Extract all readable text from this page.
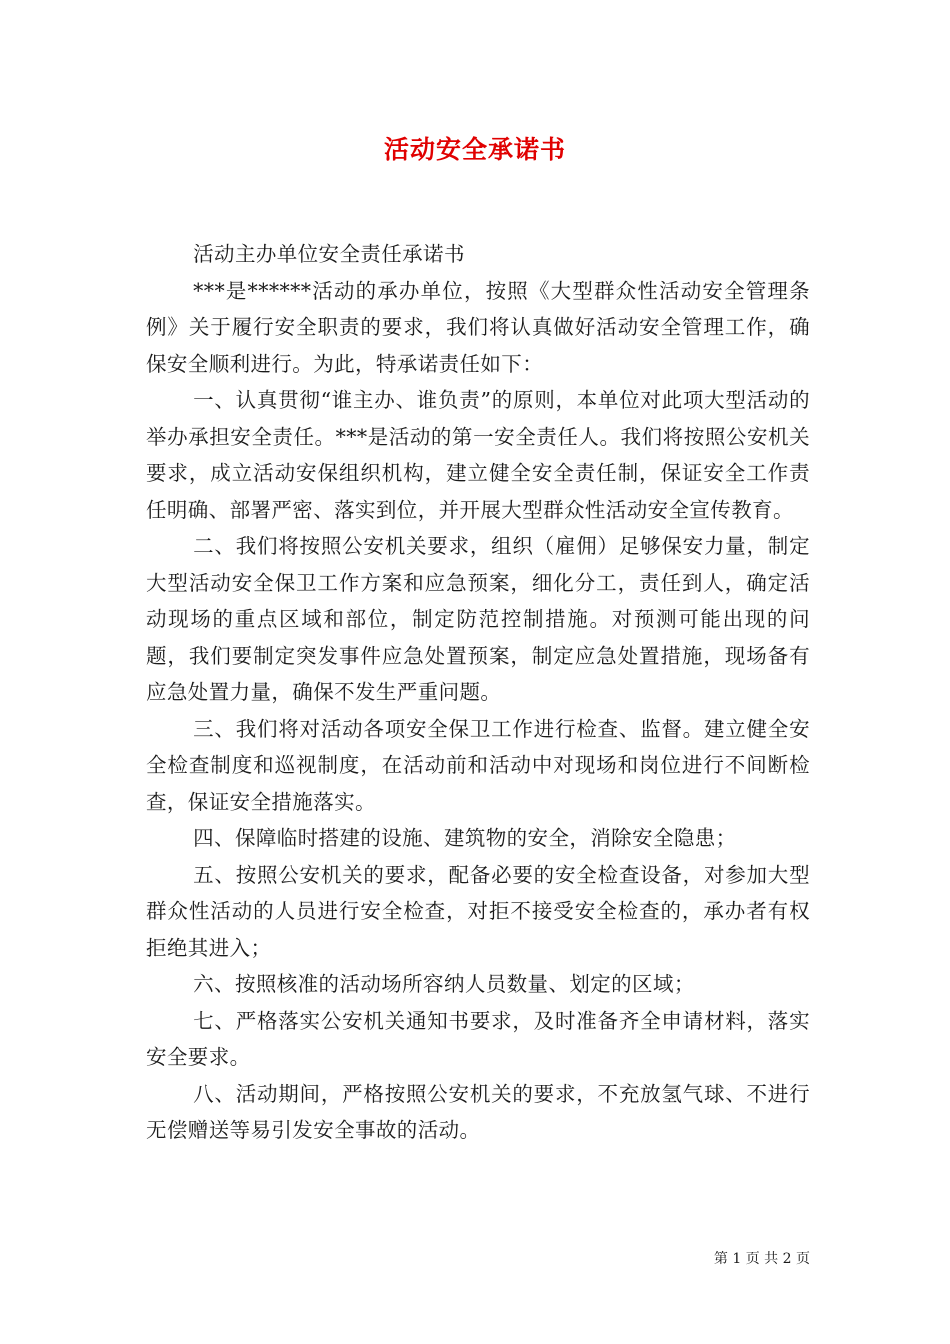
活动安全承诺书

活动主办单位安全责任承诺书

***是******活动的承办单位，按照《大型群众性活动安全管理条例》关于履行安全职责的要求，我们将认真做好活动安全管理工作，确保安全顺利进行。为此，特承诺责任如下：

一、认真贯彻“谁主办、谁负责”的原则，本单位对此项大型活动的举办承担安全责任。***是活动的第一安全责任人。我们将按照公安机关要求，成立活动安保组织机构，建立健全安全责任制，保证安全工作责任明确、部署严密、落实到位，并开展大型群众性活动安全宣传教育。

二、我们将按照公安机关要求，组织（雇佣）足够保安力量，制定大型活动安全保卫工作方案和应急预案，细化分工，责任到人，确定活动现场的重点区域和部位，制定防范控制措施。对预测可能出现的问题，我们要制定突发事件应急处置预案，制定应急处置措施，现场备有应急处置力量，确保不发生严重问题。

三、我们将对活动各项安全保卫工作进行检查、监督。建立健全安全检查制度和巡视制度，在活动前和活动中对现场和岗位进行不间断检查，保证安全措施落实。

四、保障临时搭建的设施、建筑物的安全，消除安全隐患；

五、按照公安机关的要求，配备必要的安全检查设备，对参加大型群众性活动的人员进行安全检查，对拒不接受安全检查的，承办者有权拒绝其进入；

六、按照核准的活动场所容纳人员数量、划定的区域；

七、严格落实公安机关通知书要求，及时准备齐全申请材料，落实安全要求。

八、活动期间，严格按照公安机关的要求，不充放氢气球、不进行无偿赠送等易引发安全事故的活动。

第 1 页 共 2 页
